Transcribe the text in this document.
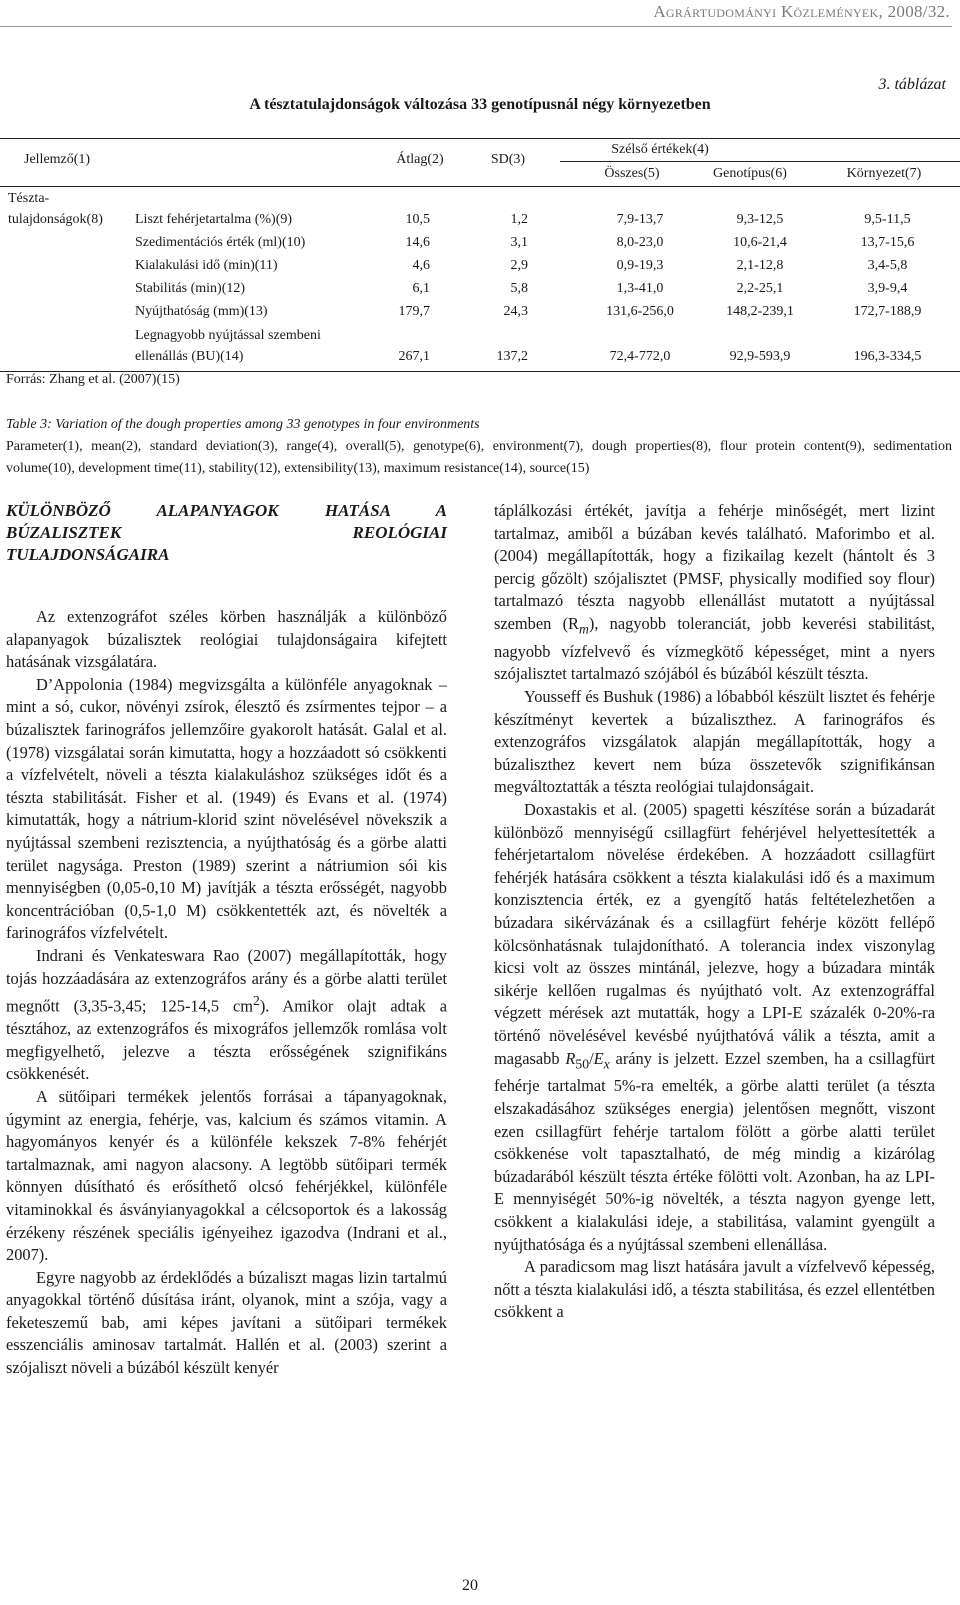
Agrártudományi Közlemények, 2008/32.
3. táblázat
A tésztatulajdonságok változása 33 genotípusnál négy környezetben
Jellemző(1)	Átlag(2)	SD(3)
Szélső értékek(4)
Összes(5)	Genotípus(6)	Környezet(7)
Tészta-
tulajdonságok(8) Liszt fehérjetartalma (%)(9)	10,5	1,2	7,9-13,7	9,3-12,5	9,5-11,5
Szedimentációs érték (ml)(10)	14,6	3,1	8,0-23,0	10,6-21,4	13,7-15,6
Kialakulási idő (min)(11)	4,6	2,9	0,9-19,3	2,1-12,8	3,4-5,8
Stabilitás (min)(12)	6,1	5,8	1,3-41,0	2,2-25,1	3,9-9,4
Nyújthatóság (mm)(13)	179,7	24,3	131,6-256,0	148,2-239,1	172,7-188,9
Legnagyobb nyújtással szembeni
ellenállás (BU)(14)	267,1	137,2	72,4-772,0	92,9-593,9	196,3-334,5
Forrás: Zhang et al. (2007)(15)
Table 3: Variation of the dough properties among 33 genotypes in four environments
Parameter(1), mean(2), standard deviation(3), range(4), overall(5), genotype(6), environment(7), dough properties(8), flour protein content(9), sedimentation volume(10), development time(11), stability(12), extensibility(13), maximum resistance(14), source(15)
KÜLÖNBÖZŐ ALAPANYAGOK HATÁSA A
BÚZALISZTEK REOLÓGIAI
TULAJDONSÁGAIRA

Az extenzográfot széles körben használják a különböző alapanyagok búzalisztek reológiai tulajdonságaira kifejtett hatásának vizsgálatára.

D’Appolonia (1984) megvizsgálta a különféle anyagoknak – mint a só, cukor, növényi zsírok, élesztő és zsírmentes tejpor – a búzalisztek farinográfos jellemzőire gyakorolt hatását. Galal et al. (1978) vizsgálatai során kimutatta, hogy a hozzáadott só csökkenti a vízfelvételt, növeli a tészta kialakuláshoz szükséges időt és a tészta stabilitását. Fisher et al. (1949) és Evans et al. (1974) kimutatták, hogy a nátrium-klorid szint növelésével növekszik a nyújtással szembeni rezisztencia, a nyújthatóság és a görbe alatti terület nagysága. Preston (1989) szerint a nátriumion sói kis mennyiségben (0,05-0,10 M) javítják a tészta erősségét, nagyobb koncentrációban (0,5-1,0 M) csökkentették azt, és növelték a farinográfos vízfelvételt.

Indrani és Venkateswara Rao (2007) megállapították, hogy tojás hozzáadására az extenzográfos arány és a görbe alatti terület megnőtt (3,35-3,45; 125-14,5 $cm^2$). Amikor olajt adtak a tésztához, az extenzográfos és mixográfos jellemzők romlása volt megfigyelhető, jelezve a tészta erősségének szignifikáns csökkenését.

A sütőipari termékek jelentős forrásai a tápanyagoknak, úgymint az energia, fehérje, vas, kalcium és számos vitamin. A hagyományos kenyér és a különféle kekszek 7-8% fehérjét tartalmaznak, ami nagyon alacsony. A legtöbb sütőipari termék könnyen dúsítható és erősíthető olcsó fehérjékkel, különféle vitaminokkal és ásványianyagokkal a célcsoportok és a lakosság érzékeny részének speciális igényeihez igazodva (Indrani et al., 2007).

Egyre nagyobb az érdeklődés a búzaliszt magas lizin tartalmú anyagokkal történő dúsítása iránt, olyanok, mint a szója, vagy a feketeszemű bab, ami képes javítani a sütőipari termékek esszenciális aminosav tartalmát. Hallén et al. (2003) szerint a szójaliszt növeli a búzából készült kenyér

táplálkozási értékét, javítja a fehérje minőségét, mert lizint tartalmaz, amiből a búzában kevés található. Maforimbo et al. (2004) megállapították, hogy a fizikailag kezelt (hántolt és 3 percig gőzölt) szójalisztet (PMSF, physically modified soy flour) tartalmazó tészta nagyobb ellenállást mutatott a nyújtással szemben $(R_m)$, nagyobb toleranciát, jobb keverési stabilitást, nagyobb vízfelvevő és vízmegkötő képességet, mint a nyers szójalisztet tartalmazó szójából és búzából készült tészta.

Yousseff és Bushuk (1986) a lóbabból készült lisztet és fehérje készítményt kevertek a búzaliszthez. A farinográfos és extenzográfos vizsgálatok alapján megállapították, hogy a búzaliszthez kevert nem búza összetevők szignifikánsan megváltoztatták a tészta reológiai tulajdonságait.

Doxastakis et al. (2005) spagetti készítése során a búzadarát különböző mennyiségű csillagfürt fehérjével helyettesítették a fehérjetartalom növelése érdekében. A hozzáadott csillagfürt fehérjék hatására csökkent a tészta kialakulási idő és a maximum konzisztencia érték, ez a gyengítő hatás feltételezhetően a búzadara sikérvázának és a csillagfürt fehérje között fellépő kölcsönhatásnak tulajdonítható. A tolerancia index viszonylag kicsi volt az összes mintánál, jelezve, hogy a búzadara minták sikérje kellően rugalmas és nyújtható volt. Az extenzográffal végzett mérések azt mutatták, hogy a LPI-E százalék 0-20%-ra történő növelésével kevésbé nyújthatóvá válik a tészta, amit a magasabb $R_{50}/E_x$ arány is jelzett. Ezzel szemben, ha a csillagfürt fehérje tartalmat 5%-ra emelték, a görbe alatti terület (a tészta elszakadásához szükséges energia) jelentősen megnőtt, viszont ezen csillagfürt fehérje tartalom fölött a görbe alatti terület csökkenése volt tapasztalható, de még mindig a kizárólag búzadarából készült tészta értéke fölötti volt. Azonban, ha az LPI-E mennyiségét 50%-ig növelték, a tészta nagyon gyenge lett, csökkent a kialakulási ideje, a stabilitása, valamint gyengült a nyújthatósága és a nyújtással szembeni ellenállása.

A paradicsom mag liszt hatására javult a vízfelvevő képesség, nőtt a tészta kialakulási idő, a tészta stabilitása, és ezzel ellentétben csökkent a

20
